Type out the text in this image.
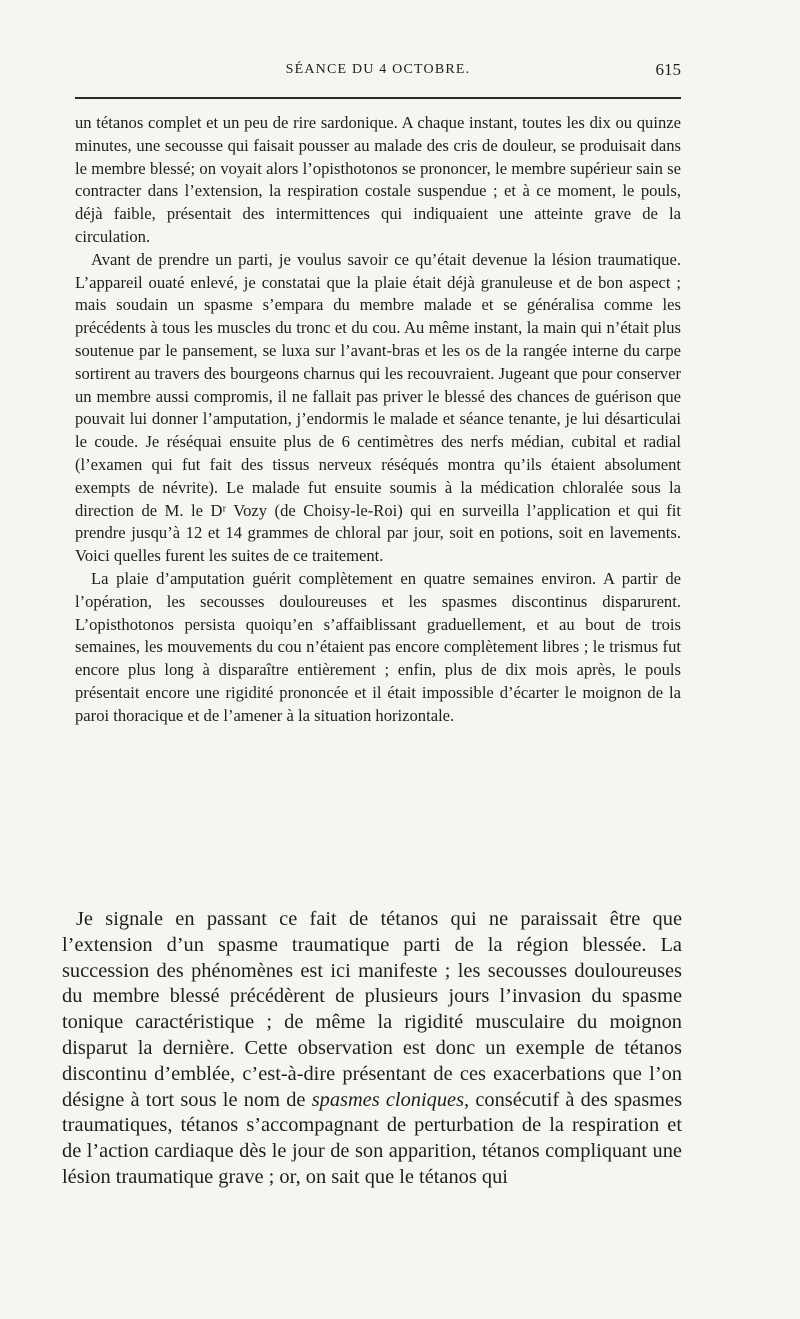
SÉANCE DU 4 OCTOBRE.	615

un tétanos complet et un peu de rire sardonique. A chaque instant, toutes les dix ou quinze minutes, une secousse qui faisait pousser au malade des cris de douleur, se produisait dans le membre blessé; on voyait alors l’opisthotonos se prononcer, le membre supérieur sain se contracter dans l’extension, la respiration costale suspendue ; et à ce moment, le pouls, déjà faible, présentait des intermittences qui indiquaient une atteinte grave de la circulation.

Avant de prendre un parti, je voulus savoir ce qu’était devenue la lésion traumatique. L’appareil ouaté enlevé, je constatai que la plaie était déjà granuleuse et de bon aspect ; mais soudain un spasme s’empara du membre malade et se généralisa comme les précédents à tous les muscles du tronc et du cou. Au même instant, la main qui n’était plus soutenue par le pansement, se luxa sur l’avant-bras et les os de la rangée interne du carpe sortirent au travers des bourgeons charnus qui les recouvraient. Jugeant que pour conserver un membre aussi compromis, il ne fallait pas priver le blessé des chances de guérison que pouvait lui donner l’amputation, j’endormis le malade et séance tenante, je lui désarticulai le coude. Je réséquai ensuite plus de 6 centimètres des nerfs médian, cubital et radial (l’examen qui fut fait des tissus nerveux réséqués montra qu’ils étaient absolument exempts de névrite). Le malade fut ensuite soumis à la médication chloralée sous la direction de M. le Dʳ Vozy (de Choisy-le-Roi) qui en surveilla l’application et qui fit prendre jusqu’à 12 et 14 grammes de chloral par jour, soit en potions, soit en lavements. Voici quelles furent les suites de ce traitement.

La plaie d’amputation guérit complètement en quatre semaines environ. A partir de l’opération, les secousses douloureuses et les spasmes discontinus disparurent. L’opisthotonos persista quoiqu’en s’affaiblissant graduellement, et au bout de trois semaines, les mouvements du cou n’étaient pas encore complètement libres ; le trismus fut encore plus long à disparaître entièrement ; enfin, plus de dix mois après, le pouls présentait encore une rigidité prononcée et il était impossible d’écarter le moignon de la paroi thoracique et de l’amener à la situation horizontale.

Je signale en passant ce fait de tétanos qui ne paraissait être que l’extension d’un spasme traumatique parti de la région blessée. La succession des phénomènes est ici manifeste ; les secousses douloureuses du membre blessé précédèrent de plusieurs jours l’invasion du spasme tonique caractéristique ; de même la rigidité musculaire du moignon disparut la dernière. Cette observation est donc un exemple de tétanos discontinu d’emblée, c’est-à-dire présentant de ces exacerbations que l’on désigne à tort sous le nom de spasmes cloniques, consécutif à des spasmes traumatiques, tétanos s’accompagnant de perturbation de la respiration et de l’action cardiaque dès le jour de son apparition, tétanos compliquant une lésion traumatique grave ; or, on sait que le tétanos qui
